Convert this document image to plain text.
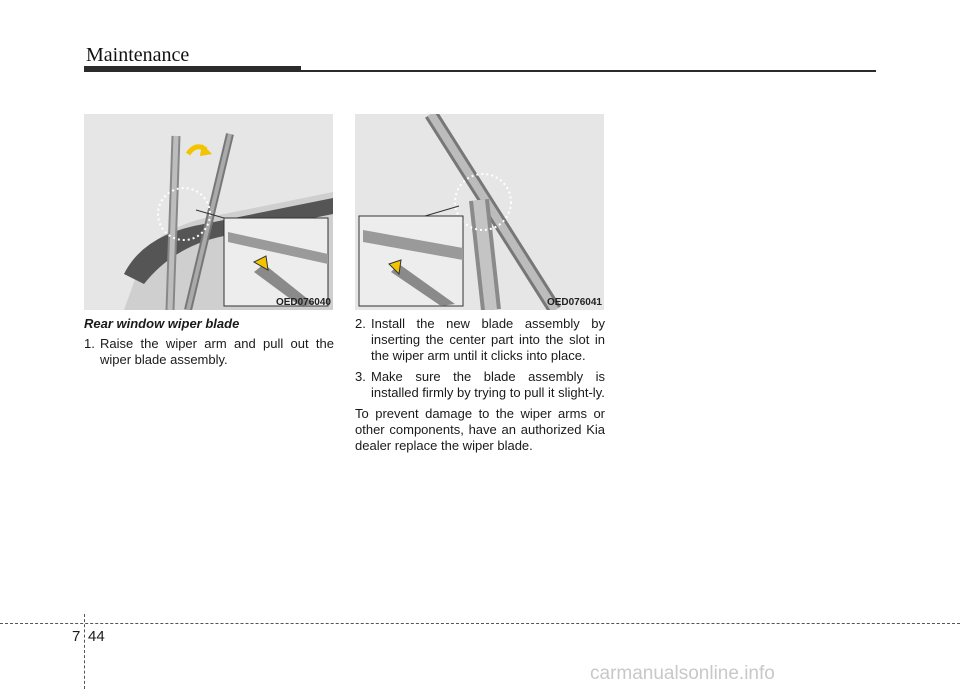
Maintenance
OED076040	OED076041
Rear window wiper blade
1. Raise the wiper arm and pull out the wiper blade assembly.
2. Install the new blade assembly by inserting the center part into the slot in the wiper arm until it clicks into place.
3. Make sure the blade assembly is installed firmly by trying to pull it slight-ly.
To prevent damage to the wiper arms or other components, have an authorized Kia dealer replace the wiper blade.
7 44
carmanualsonline.info
